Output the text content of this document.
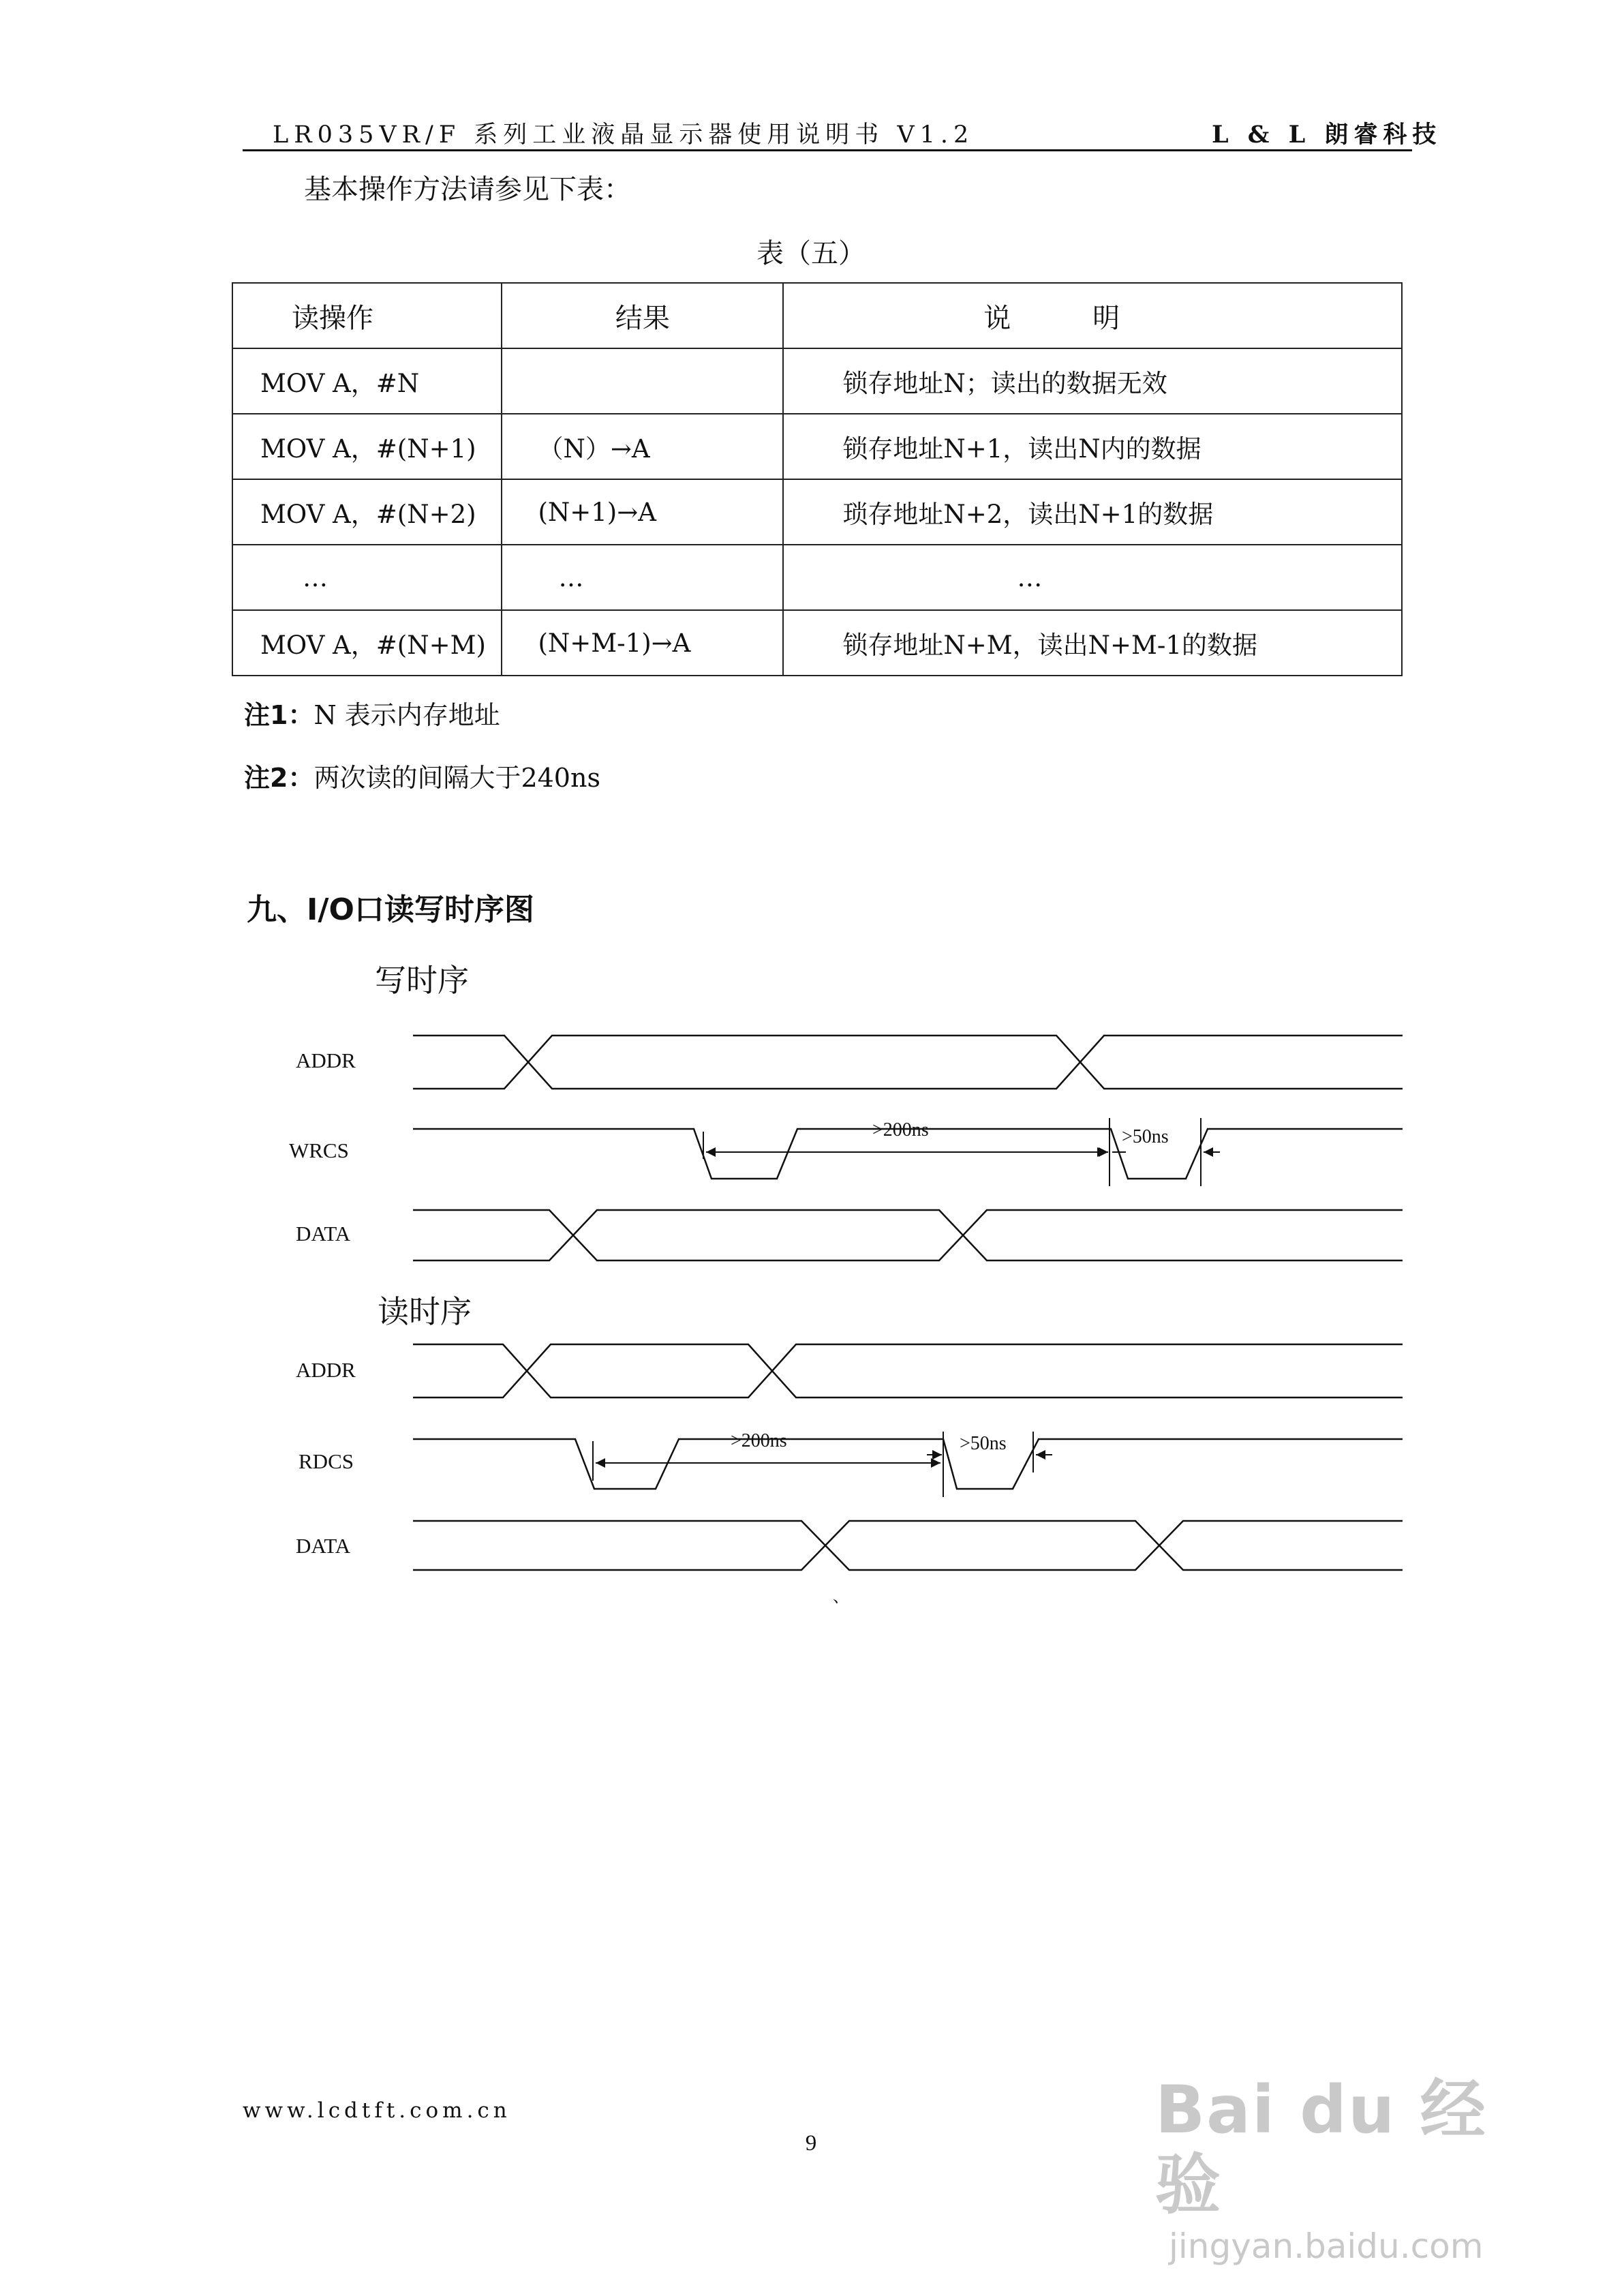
LR035VR/F 系列工业液晶显示器使用说明书 V1.2	L & L 朗睿科技
基本操作方法请参见下表：
表（五）
读操作	结果	说　　　明
MOV A，#N		锁存地址N；读出的数据无效
MOV A，#(N+1)	（N）→A	锁存地址N+1，读出N内的数据
MOV A，#(N+2)	(N+1)→A	琐存地址N+2，读出N+1的数据
…	…	…
MOV A，#(N+M)	(N+M-1)→A	锁存地址N+M，读出N+M-1的数据
注1：N 表示内存地址
注2：两次读的间隔大于240ns
九、I/O口读写时序图
写时序
ADDR
WRCS
DATA
>200ns	>50ns
读时序
ADDR
RDCS
DATA
>200ns	>50ns
、
www.lcdtft.com.cn
9	Bai du 经验
jingyan.baidu.com
